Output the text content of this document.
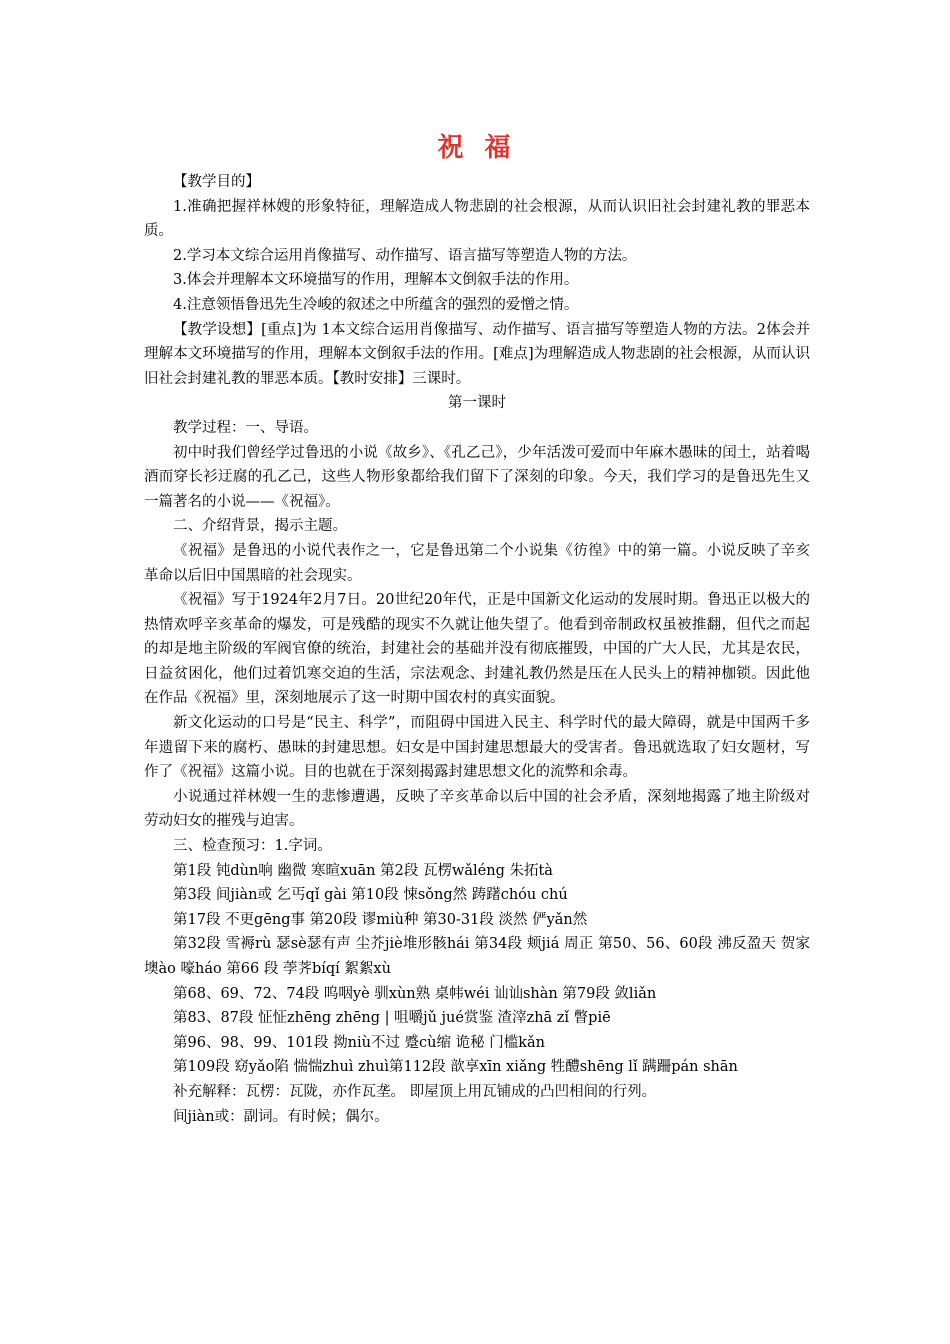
祝 福

【教学目的】

1.准确把握祥林嫂的形象特征，理解造成人物悲剧的社会根源，从而认识旧社会封建礼教的罪恶本质。

2.学习本文综合运用肖像描写、动作描写、语言描写等塑造人物的方法。

3.体会并理解本文环境描写的作用，理解本文倒叙手法的作用。

4.注意领悟鲁迅先生冷峻的叙述之中所蕴含的强烈的爱憎之情。

【教学设想】[重点]为 1本文综合运用肖像描写、动作描写、语言描写等塑造人物的方法。2体会并理解本文环境描写的作用，理解本文倒叙手法的作用。[难点]为理解造成人物悲剧的社会根源，从而认识旧社会封建礼教的罪恶本质。【教时安排】三课时。

第一课时

教学过程：一、导语。

初中时我们曾经学过鲁迅的小说《故乡》、《孔乙己》，少年活泼可爱而中年麻木愚昧的闰土，站着喝酒而穿长衫迂腐的孔乙己，这些人物形象都给我们留下了深刻的印象。今天，我们学习的是鲁迅先生又一篇著名的小说——《祝福》。

二、介绍背景，揭示主题。

《祝福》是鲁迅的小说代表作之一，它是鲁迅第二个小说集《彷徨》中的第一篇。小说反映了辛亥革命以后旧中国黑暗的社会现实。

《祝福》写于1924年2月7日。20世纪20年代，正是中国新文化运动的发展时期。鲁迅正以极大的热情欢呼辛亥革命的爆发，可是残酷的现实不久就让他失望了。他看到帝制政权虽被推翻，但代之而起的却是地主阶级的军阀官僚的统治，封建社会的基础并没有彻底摧毁，中国的广大人民，尤其是农民，日益贫困化，他们过着饥寒交迫的生活，宗法观念、封建礼教仍然是压在人民头上的精神枷锁。因此他在作品《祝福》里，深刻地展示了这一时期中国农村的真实面貌。

新文化运动的口号是“民主、科学”，而阻碍中国进入民主、科学时代的最大障碍，就是中国两千多年遗留下来的腐朽、愚昧的封建思想。妇女是中国封建思想最大的受害者。鲁迅就选取了妇女题材，写作了《祝福》这篇小说。目的也就在于深刻揭露封建思想文化的流弊和余毒。

小说通过祥林嫂一生的悲惨遭遇，反映了辛亥革命以后中国的社会矛盾，深刻地揭露了地主阶级对劳动妇女的摧残与迫害。

三、检查预习：1.字词。

第1段 钝dùn响 幽微 寒暄xuān 第2段 瓦楞wǎléng 朱拓tà

第3段 间jiàn或 乞丐qǐ gài 第10段 悚sǒng然 踌躇chóu chú

第17段 不更gēng事 第20段 谬miù种 第30-31段 淡然 俨yǎn然

第32段 雪褥rù 瑟sè瑟有声 尘芥jiè堆形骸hái 第34段 颊jiá 周正 第50、56、60段 沸反盈天 贺家墺ào 嚎háo 第66 段 荸荠bíqí 絮絮xù

第68、69、72、74段 呜咽yè 驯xùn熟 桌帏wéi 讪讪shàn 第79段 敛liǎn

第83、87段 怔怔zhēng zhēng | 咀嚼jǔ jué赏鉴 渣滓zhā zǐ 瞥piē

第96、98、99、101段 拗niù不过 蹙cù缩 诡秘 门槛kǎn

第109段 窈yǎo陷 惴惴zhuì zhuì第112段 歆享xīn xiǎng 牲醴shēng lǐ 蹒跚pán shān

补充解释：瓦楞：瓦陇，亦作瓦垄。 即屋顶上用瓦铺成的凸凹相间的行列。

间jiàn或：副词。有时候；偶尔。
